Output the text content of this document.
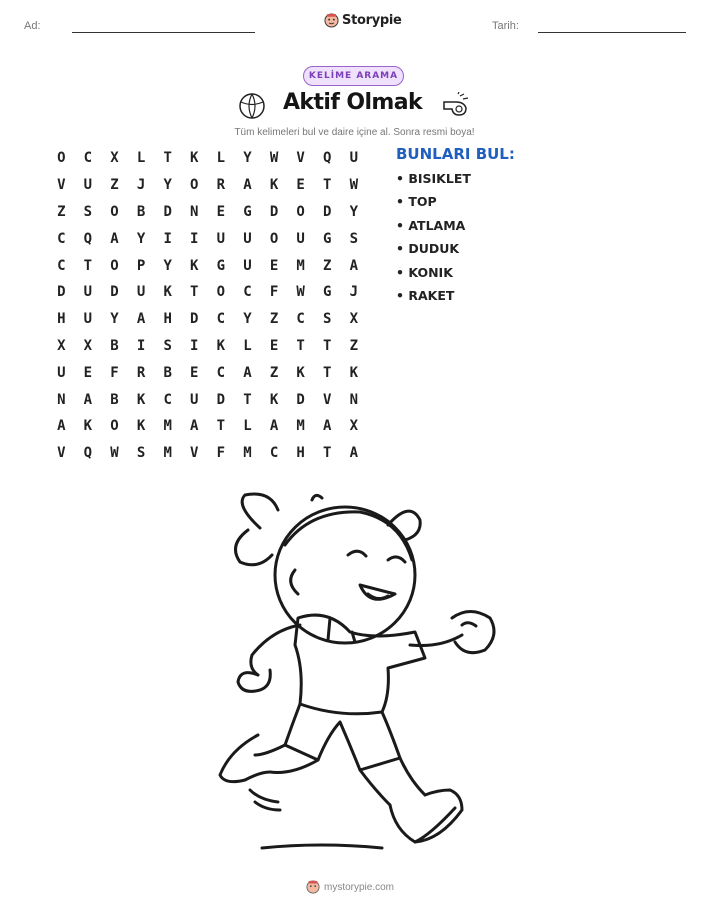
Ad:	Storypie	Tarih:
KELİME ARAMA
Aktif Olmak
Tüm kelimeleri bul ve daire içine al. Sonra resmi boya!
O	C	X	L	T	K	L	Y	W	V	Q	U
V	U	Z	J	Y	O	R	A	K	E	T	W
Z	S	O	B	D	N	E	G	D	O	D	Y
C	Q	A	Y	I	I	U	U	O	U	G	S
C	T	O	P	Y	K	G	U	E	M	Z	A
D	U	D	U	K	T	O	C	F	W	G	J
H	U	Y	A	H	D	C	Y	Z	C	S	X
X	X	B	I	S	I	K	L	E	T	T	Z
U	E	F	R	B	E	C	A	Z	K	T	K
N	A	B	K	C	U	D	T	K	D	V	N
A	K	O	K	M	A	T	L	A	M	A	X
V	Q	W	S	M	V	F	M	C	H	T	A
BUNLARI BUL:
• BISIKLET
• TOP
• ATLAMA
• DUDUK
• KONIK
• RAKET
mystorypie.com
